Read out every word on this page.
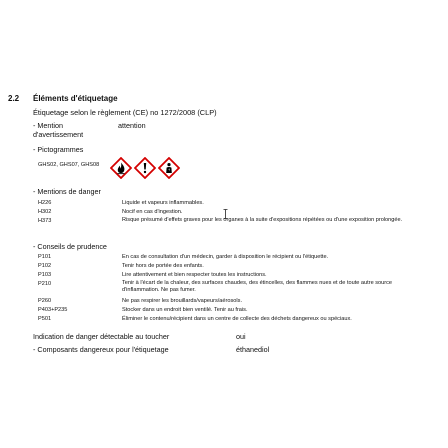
2.2 Éléments d'étiquetage
Étiquetage selon le règlement (CE) no 1272/2008 (CLP)
- Mention
d'avertissement
attention
- Pictogrammes
GHS02, GHS07, GHS08
- Mentions de danger
H226	Liquide et vapeurs inflammables.
H302	Nocif en cas d'ingestion.
H373	Risque présumé d'effets graves pour les organes à la suite d'expositions répétées ou d'une exposition prolongée.
- Conseils de prudence
P101	En cas de consultation d'un médecin, garder à disposition le récipient ou l'étiquette.
P102	Tenir hors de portée des enfants.
P103	Lire attentivement et bien respecter toutes les instructions.
P210	Tenir à l'écart de la chaleur, des surfaces chaudes, des étincelles, des flammes nues et de toute autre source d'inflammation. Ne pas fumer.
P260	Ne pas respirer les brouillards/vapeurs/aérosols.
P403+P235	Stocker dans un endroit bien ventilé. Tenir au frais.
P501	Éliminer le contenu/récipient dans un centre de collecte des déchets dangereux ou spéciaux.
Indication de danger détectable au toucher	oui
- Composants dangereux pour l'étiquetage	éthanediol
